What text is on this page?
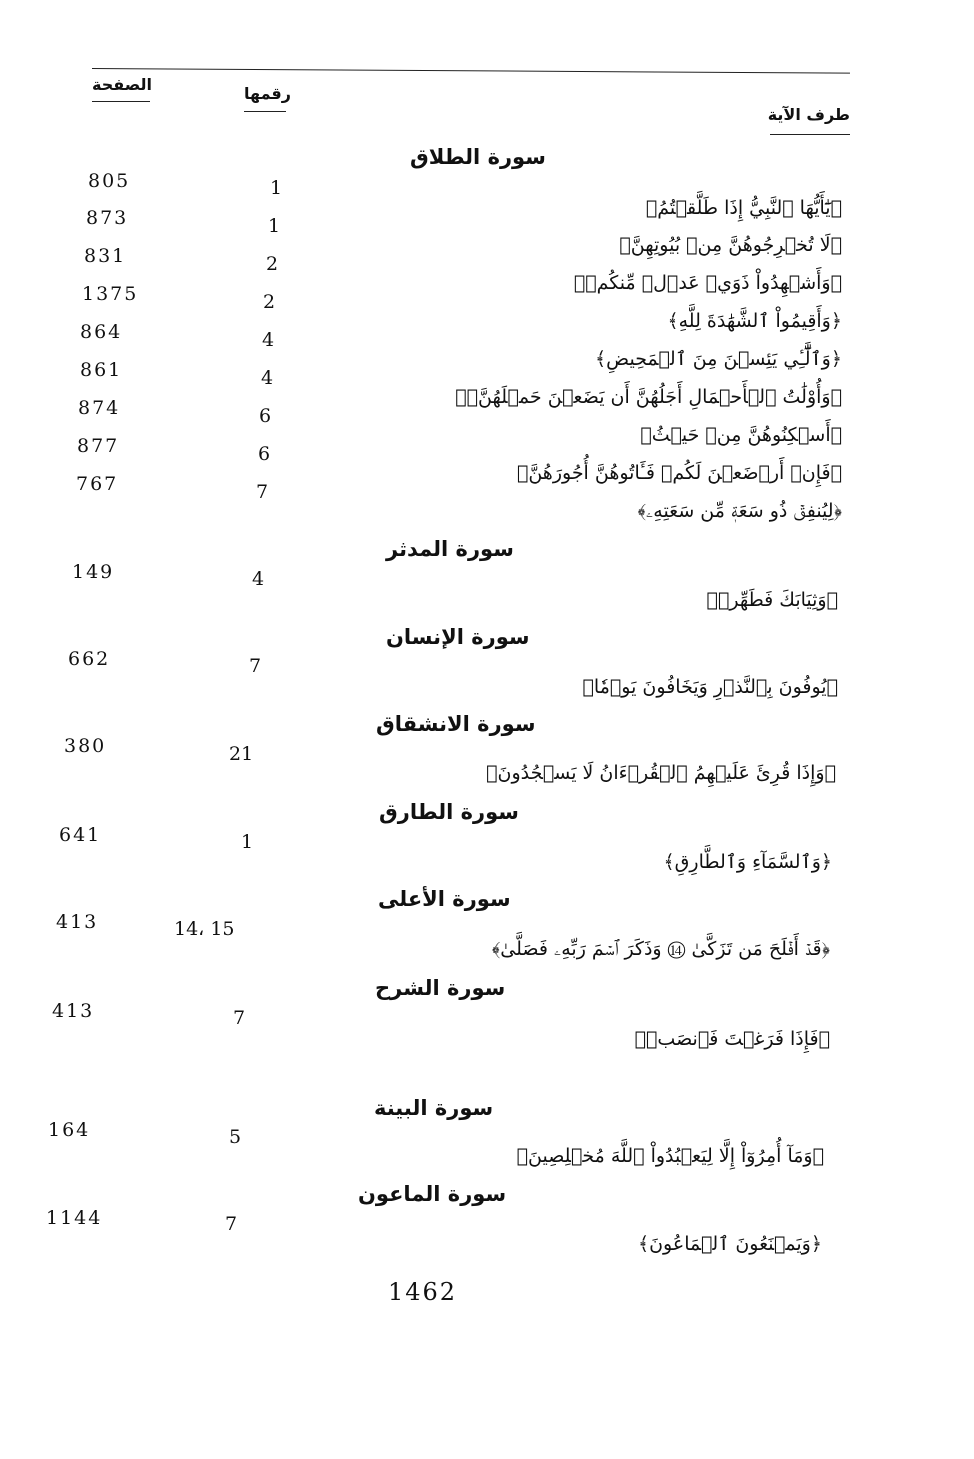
الصفحة	رقمها
طرف الآية
سورة الطلاق
﴿يَٰٓأَيُّهَا ٱلنَّبِيُّ إِذَا طَلَّقۡتُمُ﴾
1
805
﴿لَا تُخۡرِجُوهُنَّ مِنۢ بُيُوتِهِنَّ﴾
1
873
﴿وَأَشۡهِدُواْ ذَوَيۡ عَدۡلٖ مِّنكُمۡ﴾
2
831
﴿وَأَقِيمُواْ ٱلشَّهَٰدَةَ لِلَّهِ﴾
2
1375
﴿وَٱلَّٰٓـِٔي يَئِسۡنَ مِنَ ٱلۡمَحِيضِ﴾
4
864
﴿وَأُوْلَٰتُ ٱلۡأَحۡمَالِ أَجَلُهُنَّ أَن يَضَعۡنَ حَمۡلَهُنَّۚ﴾
4
861
﴿أَسۡكِنُوهُنَّ مِنۡ حَيۡثُ﴾
6
874
﴿فَإِنۡ أَرۡضَعۡنَ لَكُمۡ فَـَٔاتُوهُنَّ أُجُورَهُنَّ﴾
6
877
﴿لِيُنفِقۡ ذُو سَعَةٖ مِّن سَعَتِهِۦ﴾
7
767
سورة المدثر
﴿وَثِيَابَكَ فَطَهِّرۡ﴾
4
149
سورة الإنسان
﴿يُوفُونَ بِٱلنَّذۡرِ وَيَخَافُونَ يَوۡمٗا﴾
7
662
سورة الانشقاق
﴿وَإِذَا قُرِئَ عَلَيۡهِمُ ٱلۡقُرۡءَانُ لَا يَسۡجُدُونَ﴾
21
380
سورة الطارق
﴿وَٱلسَّمَآءِ وَٱلطَّارِقِ﴾
1
641
سورة الأعلى
﴿قَدۡ أَفۡلَحَ مَن تَزَكَّىٰ ⑭ وَذَكَرَ ٱسۡمَ رَبِّهِۦ فَصَلَّىٰ﴾
14، 15
413
سورة الشرح
﴿فَإِذَا فَرَغۡتَ فَٱنصَبۡ﴾
7
413
سورة البينة
﴿وَمَآ أُمِرُوٓاْ إِلَّا لِيَعۡبُدُواْ ٱللَّهَ مُخۡلِصِينَ﴾
5
164
سورة الماعون
﴿وَيَمۡنَعُونَ ٱلۡمَاعُونَ﴾
7
1144
1462
